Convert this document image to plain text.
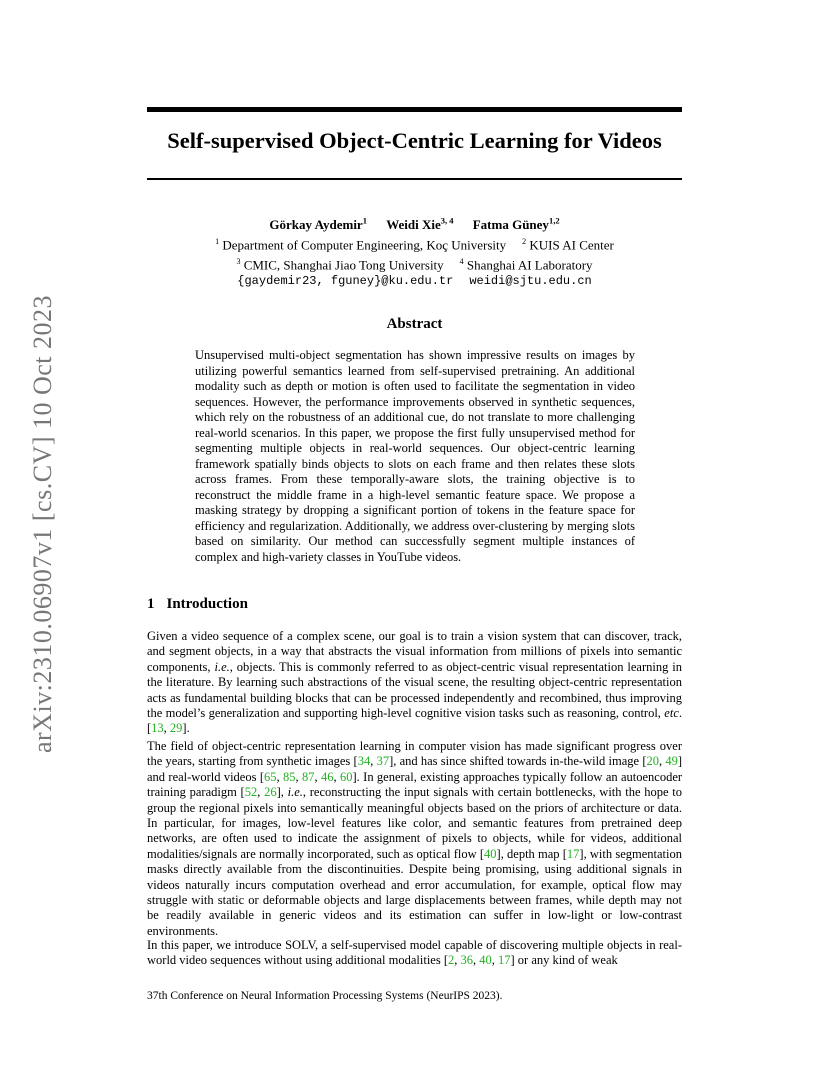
arXiv:2310.06907v1 [cs.CV] 10 Oct 2023
Self-supervised Object-Centric Learning for Videos
Görkay Aydemir$^1$ Weidi Xie$^{3, 4}$ Fatma Güney$^{1,2}$
$^1$ Department of Computer Engineering, Koç University $^2$ KUIS AI Center
$^3$ CMIC, Shanghai Jiao Tong University $^4$ Shanghai AI Laboratory
{gaydemir23, fguney}@ku.edu.tr weidi@sjtu.edu.cn
Abstract

Unsupervised multi-object segmentation has shown impressive results on images by utilizing powerful semantics learned from self-supervised pretraining. An additional modality such as depth or motion is often used to facilitate the segmentation in video sequences. However, the performance improvements observed in synthetic sequences, which rely on the robustness of an additional cue, do not translate to more challenging real-world scenarios. In this paper, we propose the first fully unsupervised method for segmenting multiple objects in real-world sequences. Our object-centric learning framework spatially binds objects to slots on each frame and then relates these slots across frames. From these temporally-aware slots, the training objective is to reconstruct the middle frame in a high-level semantic feature space. We propose a masking strategy by dropping a significant portion of tokens in the feature space for efficiency and regularization. Additionally, we address over-clustering by merging slots based on similarity. Our method can successfully segment multiple instances of complex and high-variety classes in YouTube videos.

1 Introduction

Given a video sequence of a complex scene, our goal is to train a vision system that can discover, track, and segment objects, in a way that abstracts the visual information from millions of pixels into semantic components, i.e., objects. This is commonly referred to as object-centric visual representation learning in the literature. By learning such abstractions of the visual scene, the resulting object-centric representation acts as fundamental building blocks that can be processed independently and recombined, thus improving the model’s generalization and supporting high-level cognitive vision tasks such as reasoning, control, etc. [13, 29].

The field of object-centric representation learning in computer vision has made significant progress over the years, starting from synthetic images [34, 37], and has since shifted towards in-the-wild image [20, 49] and real-world videos [65, 85, 87, 46, 60]. In general, existing approaches typically follow an autoencoder training paradigm [52, 26], i.e., reconstructing the input signals with certain bottlenecks, with the hope to group the regional pixels into semantically meaningful objects based on the priors of architecture or data. In particular, for images, low-level features like color, and semantic features from pretrained deep networks, are often used to indicate the assignment of pixels to objects, while for videos, additional modalities/signals are normally incorporated, such as optical flow [40], depth map [17], with segmentation masks directly available from the discontinuities. Despite being promising, using additional signals in videos naturally incurs computation overhead and error accumulation, for example, optical flow may struggle with static or deformable objects and large displacements between frames, while depth may not be readily available in generic videos and its estimation can suffer in low-light or low-contrast environments.

In this paper, we introduce SOLV, a self-supervised model capable of discovering multiple objects in real-world video sequences without using additional modalities [2, 36, 40, 17] or any kind of weak

37th Conference on Neural Information Processing Systems (NeurIPS 2023).
